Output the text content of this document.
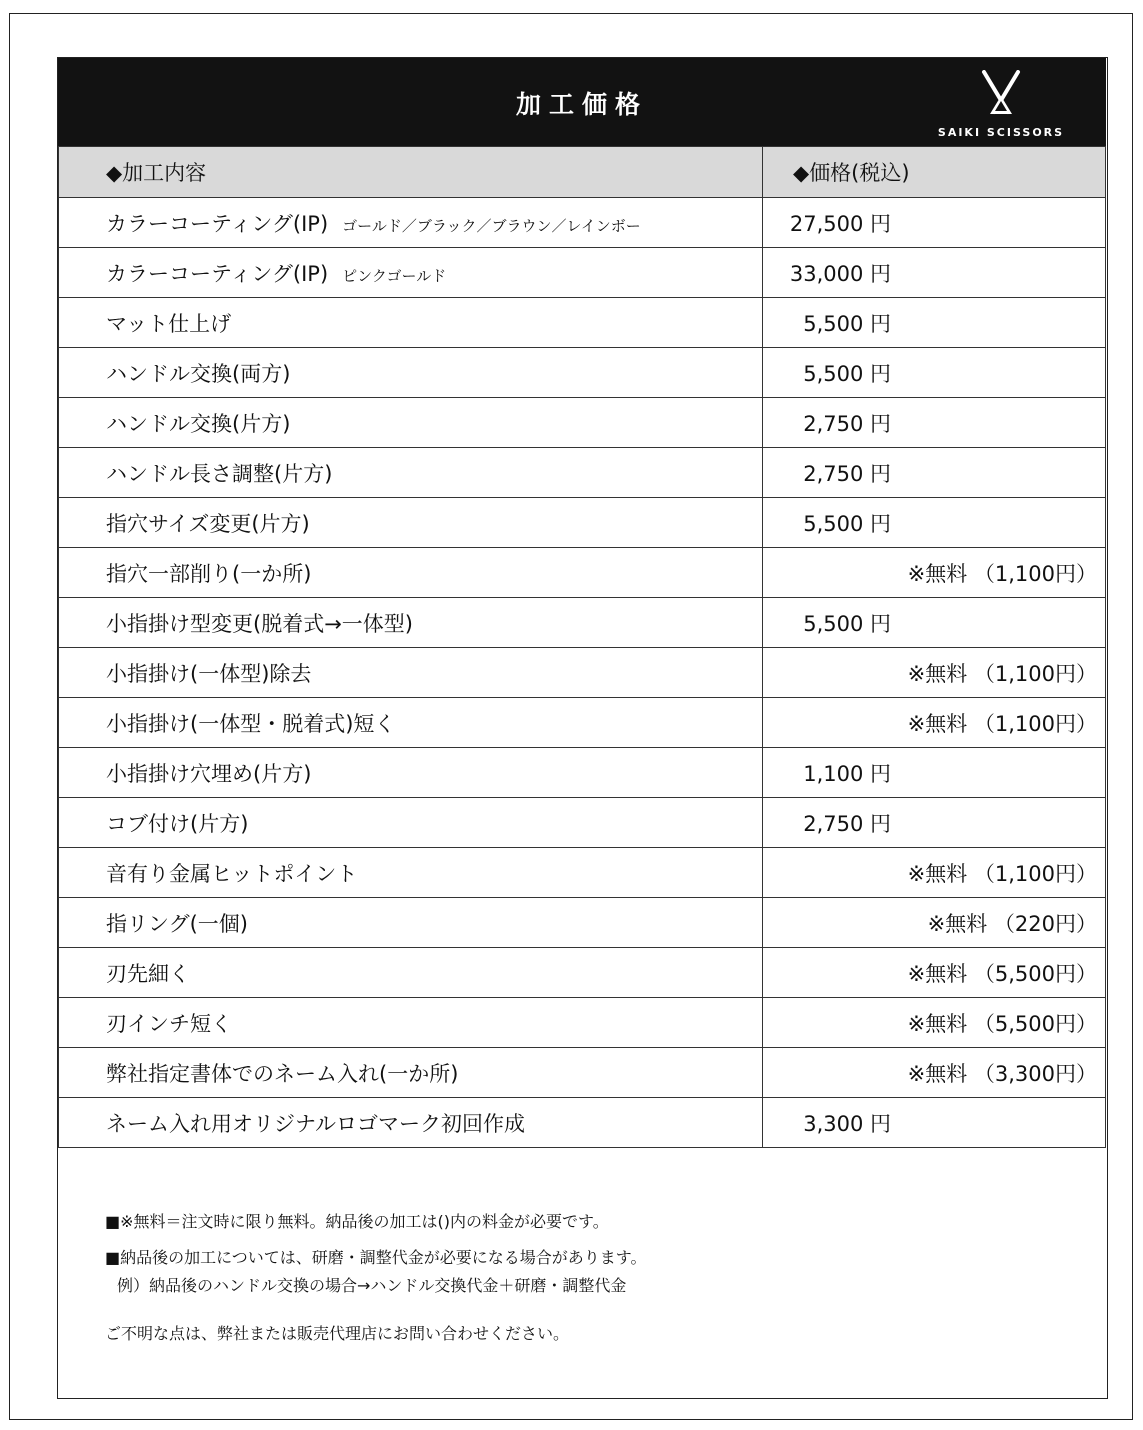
加工価格
SAIKI SCISSORS
◆加工内容	◆価格(税込)
カラーコーティング(IP) ゴールド／ブラック／ブラウン／レインボー	27,500 円
カラーコーティング(IP) ピンクゴールド	33,000 円
マット仕上げ	5,500 円
ハンドル交換(両方)	5,500 円
ハンドル交換(片方)	2,750 円
ハンドル長さ調整(片方)	2,750 円
指穴サイズ変更(片方)	5,500 円
指穴一部削り(一か所)	※無料 （1,100円）
小指掛け型変更(脱着式→一体型)	5,500 円
小指掛け(一体型)除去	※無料 （1,100円）
小指掛け(一体型・脱着式)短く	※無料 （1,100円）
小指掛け穴埋め(片方)	1,100 円
コブ付け(片方)	2,750 円
音有り金属ヒットポイント	※無料 （1,100円）
指リング(一個)	※無料 （220円）
刃先細く	※無料 （5,500円）
刃インチ短く	※無料 （5,500円）
弊社指定書体でのネーム入れ(一か所)	※無料 （3,300円）
ネーム入れ用オリジナルロゴマーク初回作成	3,300 円

■※無料＝注文時に限り無料。納品後の加工は()内の料金が必要です。

■納品後の加工については、研磨・調整代金が必要になる場合があります。

例）納品後のハンドル交換の場合→ハンドル交換代金＋研磨・調整代金

ご不明な点は、弊社または販売代理店にお問い合わせください。
